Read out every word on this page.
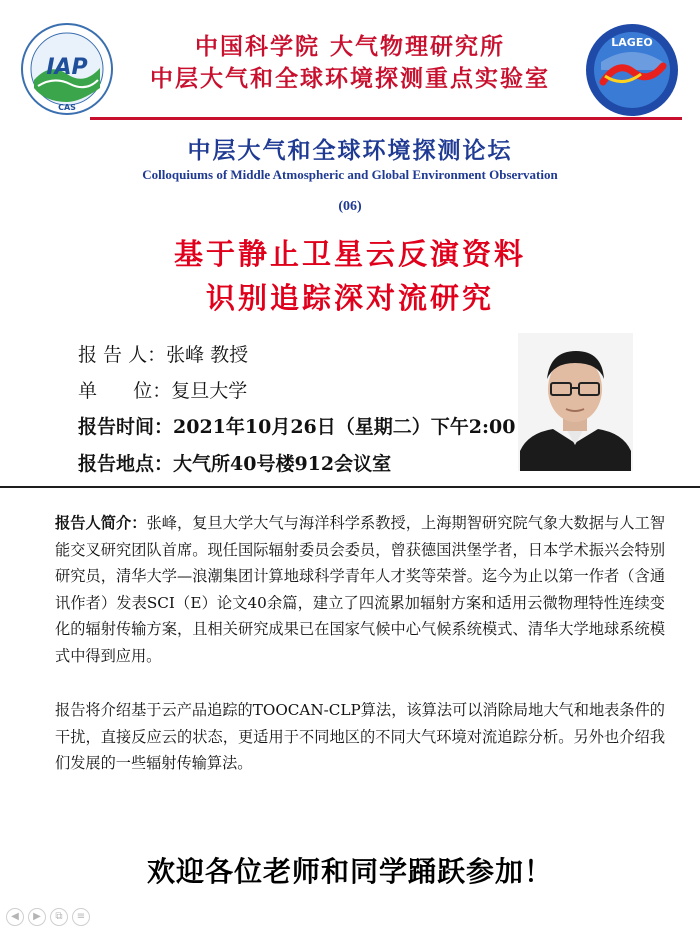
IAP
CAS
中国科学院 大气物理研究所
中层大气和全球环境探测重点实验室
LAGEO
中层大气和全球环境探测论坛
Colloquiums of Middle Atmospheric and Global Environment Observation
(06)
基于静止卫星云反演资料
识别追踪深对流研究
报 告 人：张峰 教授
单      位：复旦大学
报告时间：2021年10月26日（星期二）下午2:00
报告地点：大气所40号楼912会议室
报告人简介：张峰，复旦大学大气与海洋科学系教授，上海期智研究院气象大数据与人工智能交叉研究团队首席。现任国际辐射委员会委员，曾获德国洪堡学者，日本学术振兴会特别研究员，清华大学—浪潮集团计算地球科学青年人才奖等荣誉。迄今为止以第一作者（含通讯作者）发表SCI（E）论文40余篇，建立了四流累加辐射方案和适用云微物理特性连续变化的辐射传输方案，且相关研究成果已在国家气候中心气候系统模式、清华大学地球系统模式中得到应用。
报告将介绍基于云产品追踪的TOOCAN-CLP算法，该算法可以消除局地大气和地表条件的干扰，直接反应云的状态，更适用于不同地区的不同大气环境对流追踪分析。另外也介绍我们发展的一些辐射传输算法。
欢迎各位老师和同学踊跃参加！
◀	▶	⧉	≡
